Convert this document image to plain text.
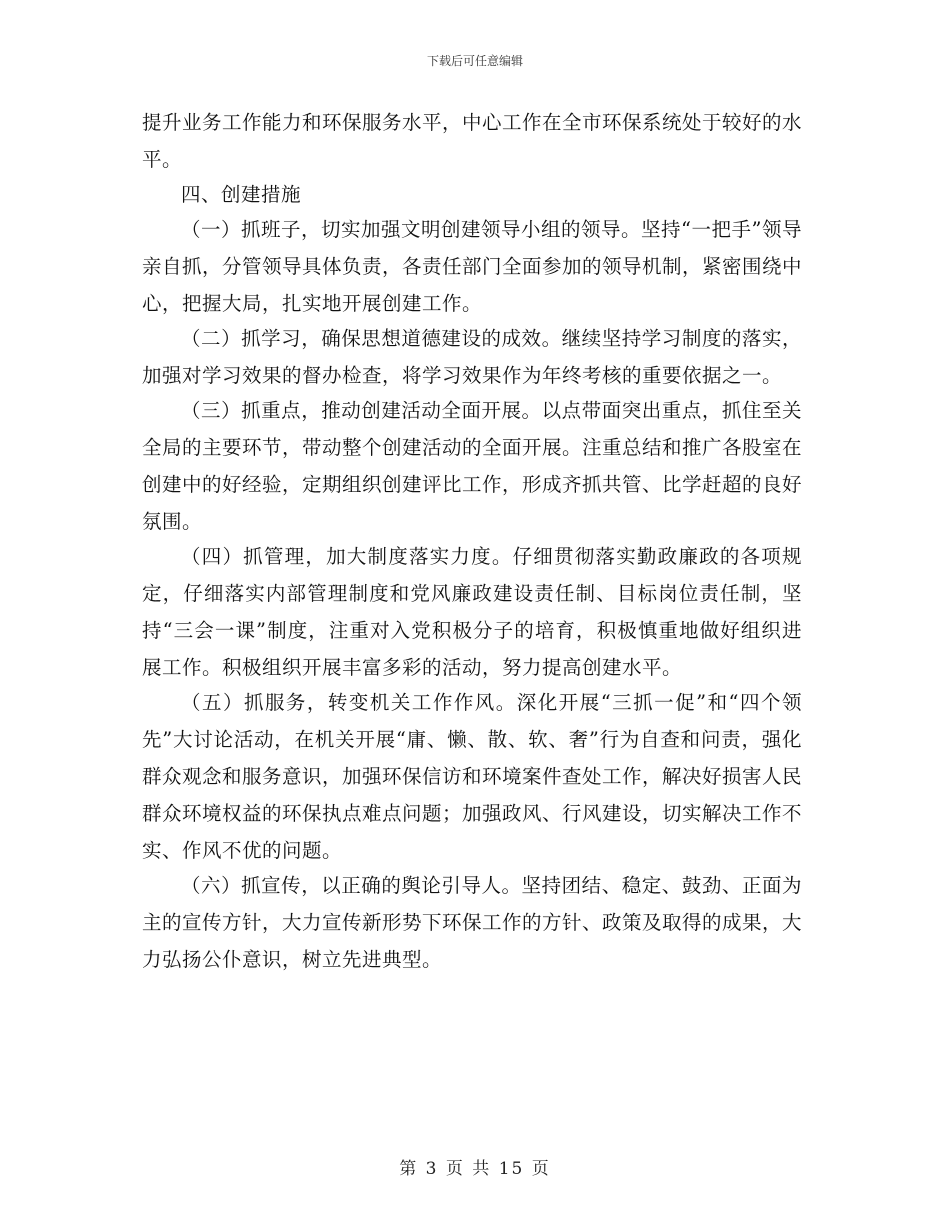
下载后可任意编辑

提升业务工作能力和环保服务水平，中心工作在全市环保系统处于较好的水平。

四、创建措施

（一）抓班子，切实加强文明创建领导小组的领导。坚持“一把手”领导亲自抓，分管领导具体负责，各责任部门全面参加的领导机制，紧密围绕中心，把握大局，扎实地开展创建工作。

（二）抓学习，确保思想道德建设的成效。继续坚持学习制度的落实，加强对学习效果的督办检查，将学习效果作为年终考核的重要依据之一。

（三）抓重点，推动创建活动全面开展。以点带面突出重点，抓住至关全局的主要环节，带动整个创建活动的全面开展。注重总结和推广各股室在创建中的好经验，定期组织创建评比工作，形成齐抓共管、比学赶超的良好氛围。

（四）抓管理，加大制度落实力度。仔细贯彻落实勤政廉政的各项规定，仔细落实内部管理制度和党风廉政建设责任制、目标岗位责任制，坚持“三会一课”制度，注重对入党积极分子的培育，积极慎重地做好组织进展工作。积极组织开展丰富多彩的活动，努力提高创建水平。

（五）抓服务，转变机关工作作风。深化开展“三抓一促”和“四个领先”大讨论活动，在机关开展“庸、懒、散、软、奢”行为自查和问责，强化群众观念和服务意识，加强环保信访和环境案件查处工作，解决好损害人民群众环境权益的环保执点难点问题；加强政风、行风建设，切实解决工作不实、作风不优的问题。

（六）抓宣传，以正确的舆论引导人。坚持团结、稳定、鼓劲、正面为主的宣传方针，大力宣传新形势下环保工作的方针、政策及取得的成果，大力弘扬公仆意识，树立先进典型。

第 3 页 共 15 页
